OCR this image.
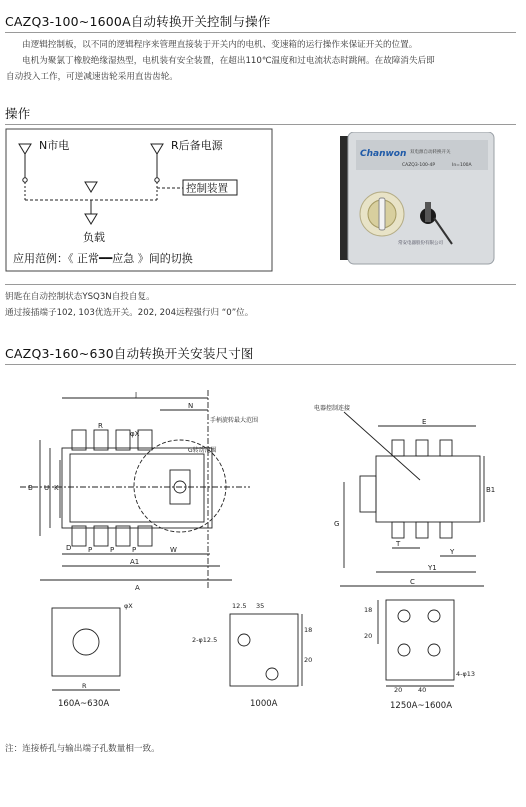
CAZQ3-100~1600A自动转换开关控制与操作
由逻辑控制板，以不同的逻辑程序来管理直接装于开关内的电机、变速箱的运行操作来保证开关的位置。
电机为聚氯丁橡胶绝缘湿热型，电机装有安全装置，在超出110℃温度和过电流状态时跳闸。在故障消失后即
自动投入工作，可逆减速齿轮采用直齿齿轮。
操作
N市电	R后备电源
控制装置
负载
应用范例：《 正常━━应急 》间的切换
Chanwon 双电源自动转换开关
CAZQ3-100-4P	In=100A
常安电器股份有限公司
钥匙在自动控制状态YSQ3N自投自复。
通过接插端子102, 103优选开关。202, 204远程强行归 “0”位。
CAZQ3-160~630自动转换开关安装尺寸图
J
N
R
φX
手柄旋转最大范围
G转动范围
B U K
D P	P	P	W
A1
A
电器控制连接
E
B1
G
T
Y
Y1
C
φX
R
160A~630A
12.5 35
2-φ12.5
18
20
1000A
18
20
4-φ13
20 40
1250A~1600A
注：连接桥孔与输出端子孔数量相一致。
